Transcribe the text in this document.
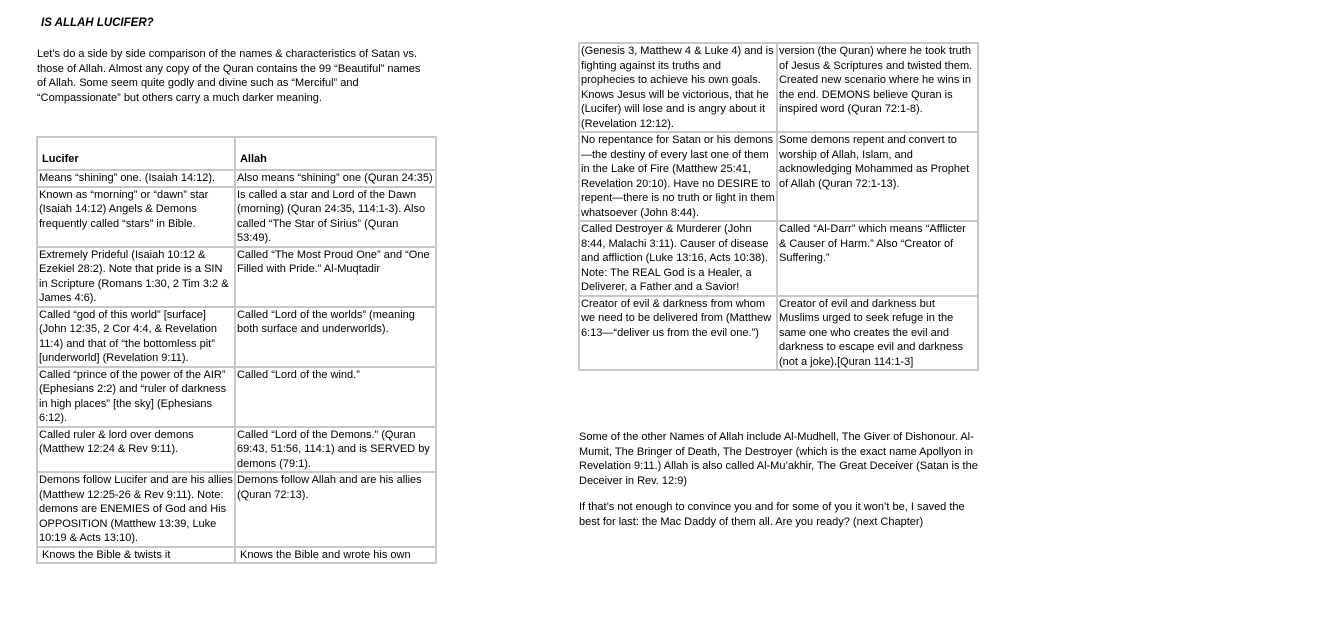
IS ALLAH LUCIFER?
Let’s do a side by side comparison of the names & characteristics of Satan vs. those of Allah. Almost any copy of the Quran contains the 99 “Beautiful” names of Allah. Some seem quite godly and divine such as “Merciful” and “Compassionate” but others carry a much darker meaning.
Lucifer	Allah
Means “shining” one. (Isaiah 14:12).	Also means “shining” one (Quran 24:35)
Known as “morning” or “dawn” star (Isaiah 14:12) Angels & Demons frequently called “stars” in Bible.	Is called a star and Lord of the Dawn (morning) (Quran 24:35, 114:1-3). Also called “The Star of Sirius” (Quran 53:49).
Extremely Prideful (Isaiah 10:12 & Ezekiel 28:2). Note that pride is a SIN in Scripture (Romans 1:30, 2 Tim 3:2 & James 4:6).	Called “The Most Proud One” and “One Filled with Pride.” Al-Muqtadir
Called “god of this world” [surface] (John 12:35, 2 Cor 4:4, & Revelation 11:4) and that of “the bottomless pit” [underworld] (Revelation 9:11).	Called “Lord of the worlds” (meaning both surface and underworlds).
Called “prince of the power of the AIR” (Ephesians 2:2) and “ruler of darkness in high places” [the sky] (Ephesians 6:12).	Called “Lord of the wind.”
Called ruler & lord over demons (Matthew 12:24 & Rev 9:11).	Called “Lord of the Demons.” (Quran 69:43, 51:56, 114:1) and is SERVED by demons (79:1).
Demons follow Lucifer and are his allies (Matthew 12:25-26 & Rev 9:11). Note: demons are ENEMIES of God and His OPPOSITION (Matthew 13:39, Luke 10:19 & Acts 13:10).	Demons follow Allah and are his allies (Quran 72:13).
Knows the Bible & twists it	Knows the Bible and wrote his own
(Genesis 3, Matthew 4 & Luke 4) and is fighting against its truths and prophecies to achieve his own goals. Knows Jesus will be victorious, that he (Lucifer) will lose and is angry about it (Revelation 12:12).	version (the Quran) where he took truth of Jesus & Scriptures and twisted them. Created new scenario where he wins in the end. DEMONS believe Quran is inspired word (Quran 72:1-8).
No repentance for Satan or his demons—the destiny of every last one of them in the Lake of Fire (Matthew 25:41, Revelation 20:10). Have no DESIRE to repent—there is no truth or light in them whatsoever (John 8:44).	Some demons repent and convert to worship of Allah, Islam, and acknowledging Mohammed as Prophet of Allah (Quran 72:1-13).
Called Destroyer & Murderer (John 8:44, Malachi 3:11). Causer of disease and affliction (Luke 13:16, Acts 10:38). Note: The REAL God is a Healer, a Deliverer, a Father and a Savior!	Called “Al-Darr” which means “Afflicter & Causer of Harm.” Also “Creator of Suffering.”
Creator of evil & darkness from whom we need to be delivered from (Matthew 6:13—“deliver us from the evil one.”)	Creator of evil and darkness but Muslims urged to seek refuge in the same one who creates the evil and darkness to escape evil and darkness (not a joke).[Quran 114:1-3]
Some of the other Names of Allah include Al-Mudhell, The Giver of Dishonour. Al-Mumit, The Bringer of Death, The Destroyer (which is the exact name Apollyon in Revelation 9:11.) Allah is also called Al-Mu’akhir, The Great Deceiver (Satan is the Deceiver in Rev. 12:9)
If that’s not enough to convince you and for some of you it won’t be, I saved the best for last: the Mac Daddy of them all. Are you ready? (next Chapter)
